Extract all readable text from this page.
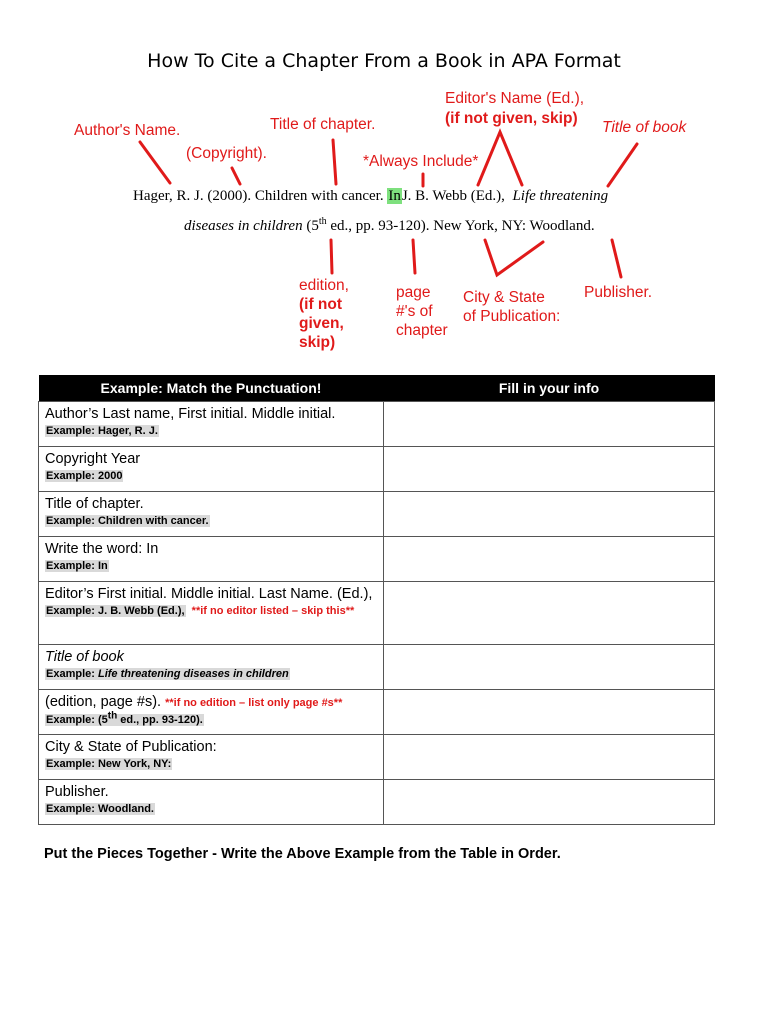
How To Cite a Chapter From a Book in APA Format
Author's Name.
(Copyright).
Title of chapter.
Editor's Name (Ed.),
(if not given, skip)
Title of book
*Always Include*
Hager, R. J. (2000). Children with cancer. InJ. B. Webb (Ed.), Life threatening
diseases in children (5th ed., pp. 93-120). New York, NY: Woodland.
edition,
(if not
given,
skip)
page
#'s of
chapter
City & State
of Publication:
Publisher.
Example: Match the Punctuation!	Fill in your info

Author’s Last name, First initial. Middle initial.
Example: Hager, R. J.	

Copyright Year
Example: 2000	

Title of chapter.
Example: Children with cancer.	

Write the word: In
Example: In	

Editor’s First initial. Middle initial. Last Name. (Ed.),
Example: J. B. Webb (Ed.), **if no editor listed – skip this**	

Title of book
Example: Life threatening diseases in children	

(edition, page #s). **if no edition – list only page #s**
Example: (5th ed., pp. 93-120).	

City & State of Publication:
Example: New York, NY:	

Publisher.
Example: Woodland.	

Put the Pieces Together - Write the Above Example from the Table in Order.
